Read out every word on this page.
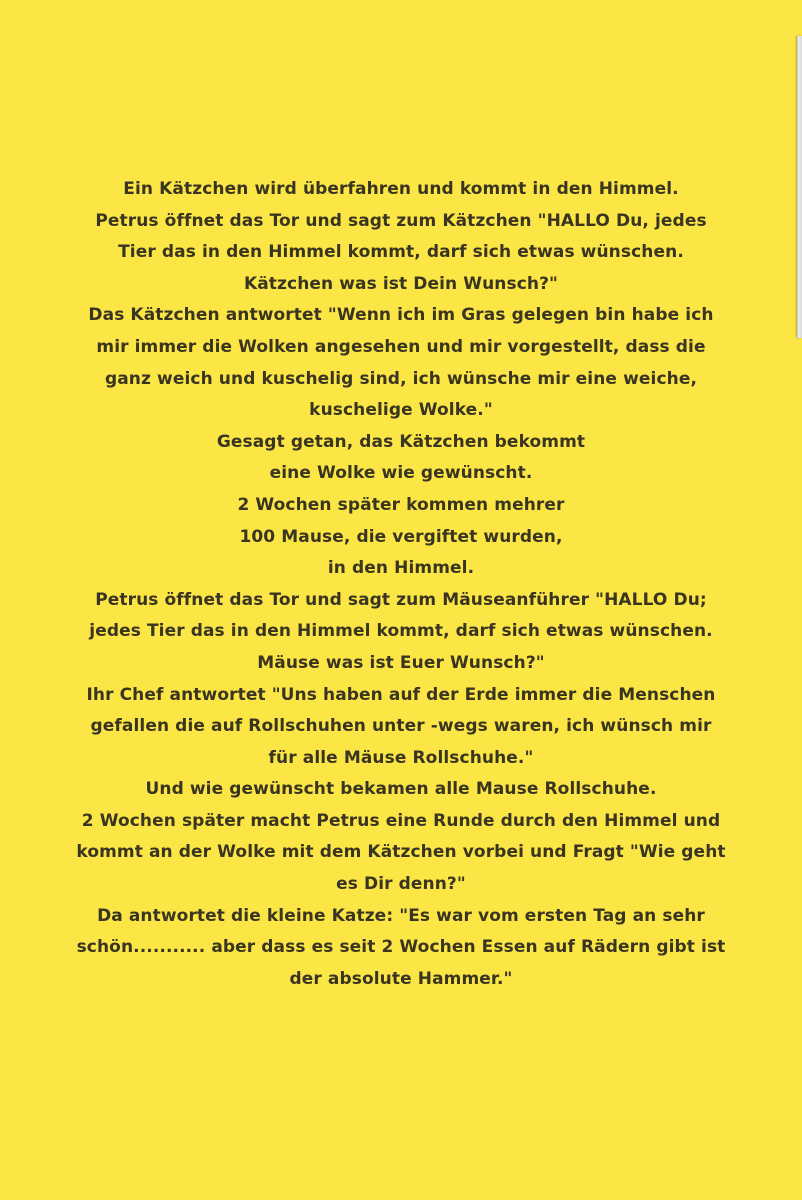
Ein Kätzchen wird überfahren und kommt in den Himmel.
Petrus öffnet das Tor und sagt zum Kätzchen "HALLO Du, jedes
Tier das in den Himmel kommt, darf sich etwas wünschen.
Kätzchen was ist Dein Wunsch?"
Das Kätzchen antwortet "Wenn ich im Gras gelegen bin habe ich
mir immer die Wolken angesehen und mir vorgestellt, dass die
ganz weich und kuschelig sind, ich wünsche mir eine weiche,
kuschelige Wolke."
Gesagt getan, das Kätzchen bekommt
eine Wolke wie gewünscht.
2 Wochen später kommen mehrer
100 Mause, die vergiftet wurden,
in den Himmel.
Petrus öffnet das Tor und sagt zum Mäuseanführer "HALLO Du;
jedes Tier das in den Himmel kommt, darf sich etwas wünschen.
Mäuse was ist Euer Wunsch?"
Ihr Chef antwortet "Uns haben auf der Erde immer die Menschen
gefallen die auf Rollschuhen unter -wegs waren, ich wünsch mir
für alle Mäuse Rollschuhe."
Und wie gewünscht bekamen alle Mause Rollschuhe.
2 Wochen später macht Petrus eine Runde durch den Himmel und
kommt an der Wolke mit dem Kätzchen vorbei und Fragt "Wie geht
es Dir denn?"
Da antwortet die kleine Katze: "Es war vom ersten Tag an sehr
schön........... aber dass es seit 2 Wochen Essen auf Rädern gibt ist
der absolute Hammer."
